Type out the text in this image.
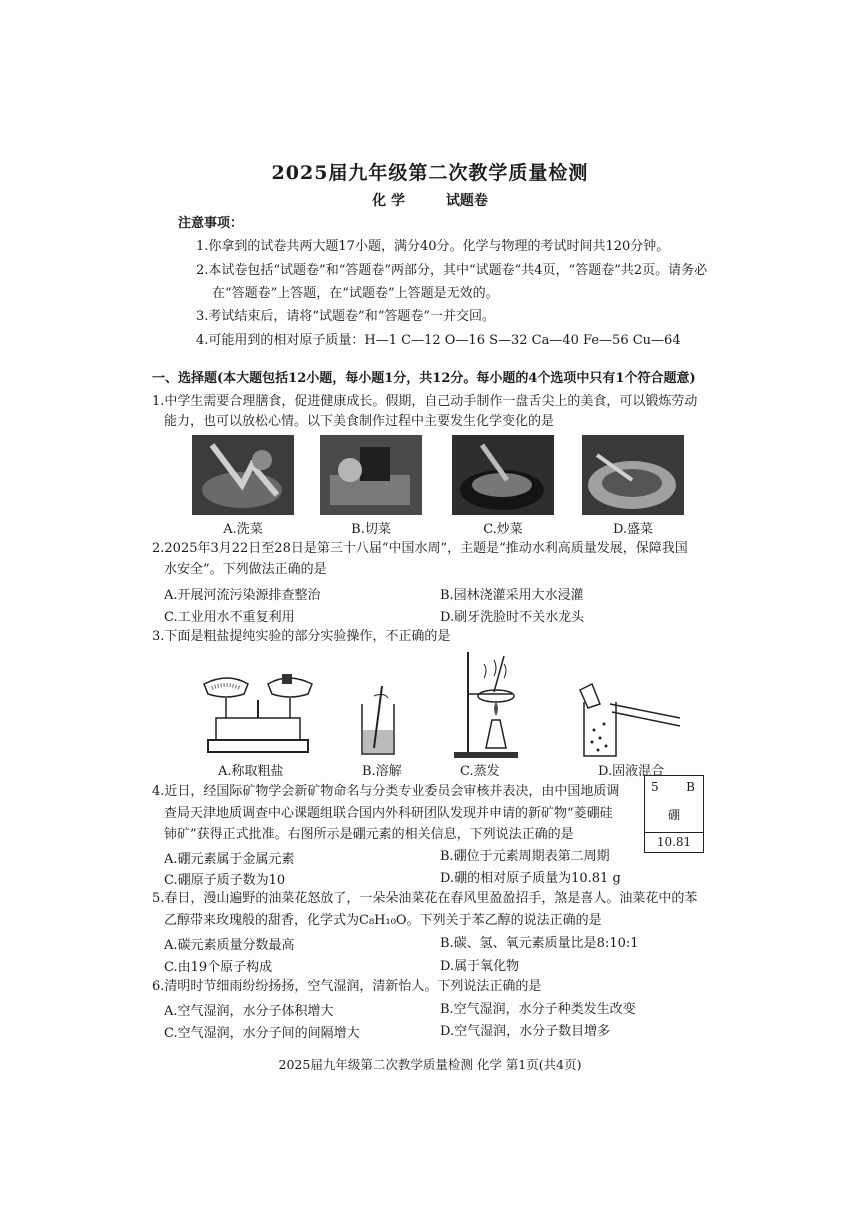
2025届九年级第二次教学质量检测
化 学	试题卷
注意事项：
1.你拿到的试卷共两大题17小题，满分40分。化学与物理的考试时间共120分钟。
2.本试卷包括“试题卷”和“答题卷”两部分，其中“试题卷”共4页，“答题卷”共2页。请务必
在“答题卷”上答题，在“试题卷”上答题是无效的。
3.考试结束后，请将“试题卷”和“答题卷”一并交回。
4.可能用到的相对原子质量：H—1 C—12 O—16 S—32 Ca—40 Fe—56 Cu—64
一、选择题(本大题包括12小题，每小题1分，共12分。每小题的4个选项中只有1个符合题意)
1.中学生需要合理膳食，促进健康成长。假期，自己动手制作一盘舌尖上的美食，可以锻炼劳动
能力，也可以放松心情。以下美食制作过程中主要发生化学变化的是
A.洗菜	B.切菜	C.炒菜	D.盛菜
2.2025年3月22日至28日是第三十八届“中国水周”，主题是“推动水利高质量发展，保障我国
水安全”。下列做法正确的是
A.开展河流污染源排查整治	B.园林浇灌采用大水浸灌
C.工业用水不重复利用	D.刷牙洗脸时不关水龙头
3.下面是粗盐提纯实验的部分实验操作，不正确的是
A.称取粗盐	B.溶解	C.蒸发	D.固液混合
4.近日，经国际矿物学会新矿物命名与分类专业委员会审核并表决，由中国地质调
查局天津地质调查中心课题组联合国内外科研团队发现并申请的新矿物“菱硼硅
铈矿”获得正式批准。右图所示是硼元素的相关信息，下列说法正确的是
A.硼元素属于金属元素	B.硼位于元素周期表第二周期
C.硼原子质子数为10	D.硼的相对原子质量为10.81 g
5 B
硼
10.81
5.春日，漫山遍野的油菜花怒放了，一朵朵油菜花在春风里盈盈招手，煞是喜人。油菜花中的苯
乙醇带来玫瑰般的甜香，化学式为C₈H₁₀O。下列关于苯乙醇的说法正确的是
A.碳元素质量分数最高	B.碳、氢、氧元素质量比是8:10:1
C.由19个原子构成	D.属于氧化物
6.清明时节细雨纷纷扬扬，空气湿润，清新怡人。下列说法正确的是
A.空气湿润，水分子体积增大	B.空气湿润，水分子种类发生改变
C.空气湿润，水分子间的间隔增大	D.空气湿润，水分子数目增多
2025届九年级第二次教学质量检测 化学 第1页(共4页)
